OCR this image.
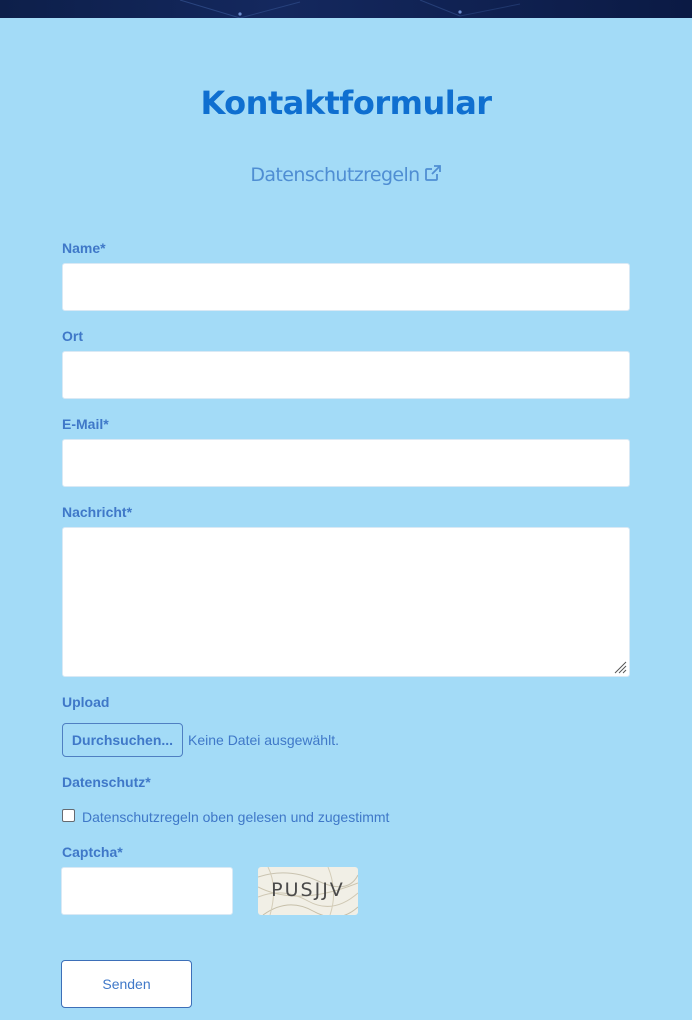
Kontaktformular
Datenschutzregeln
Name*
Ort
E-Mail*
Nachricht*
Upload
Durchsuchen...	Keine Datei ausgewählt.
Datenschutz*
Datenschutzregeln oben gelesen und zugestimmt
Captcha*
PUSJJV
Senden
